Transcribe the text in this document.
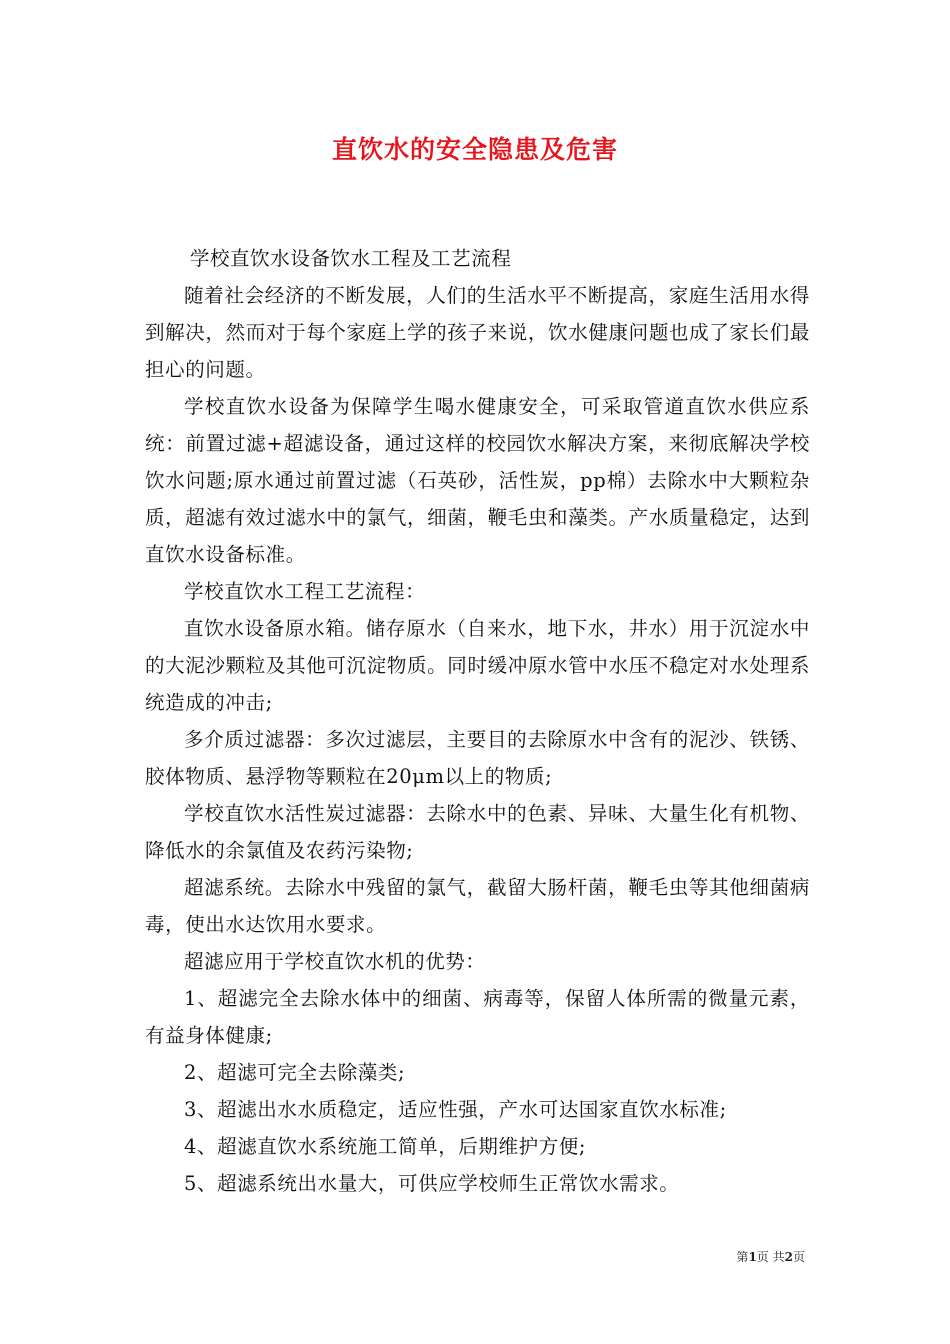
直饮水的安全隐患及危害

学校直饮水设备饮水工程及工艺流程

随着社会经济的不断发展，人们的生活水平不断提高，家庭生活用水得到解决，然而对于每个家庭上学的孩子来说，饮水健康问题也成了家长们最担心的问题。

学校直饮水设备为保障学生喝水健康安全，可采取管道直饮水供应系统：前置过滤+超滤设备，通过这样的校园饮水解决方案，来彻底解决学校饮水问题;原水通过前置过滤（石英砂，活性炭，pp棉）去除水中大颗粒杂质，超滤有效过滤水中的氯气，细菌，鞭毛虫和藻类。产水质量稳定，达到直饮水设备标准。

学校直饮水工程工艺流程：

直饮水设备原水箱。储存原水（自来水，地下水，井水）用于沉淀水中的大泥沙颗粒及其他可沉淀物质。同时缓冲原水管中水压不稳定对水处理系统造成的冲击;

多介质过滤器：多次过滤层，主要目的去除原水中含有的泥沙、铁锈、胶体物质、悬浮物等颗粒在20μm以上的物质;

学校直饮水活性炭过滤器：去除水中的色素、异味、大量生化有机物、降低水的余氯值及农药污染物;

超滤系统。去除水中残留的氯气，截留大肠杆菌，鞭毛虫等其他细菌病毒，使出水达饮用水要求。

超滤应用于学校直饮水机的优势：

1、超滤完全去除水体中的细菌、病毒等，保留人体所需的微量元素，有益身体健康;

2、超滤可完全去除藻类;

3、超滤出水水质稳定，适应性强，产水可达国家直饮水标准;

4、超滤直饮水系统施工简单，后期维护方便;

5、超滤系统出水量大，可供应学校师生正常饮水需求。

第1页 共2页
